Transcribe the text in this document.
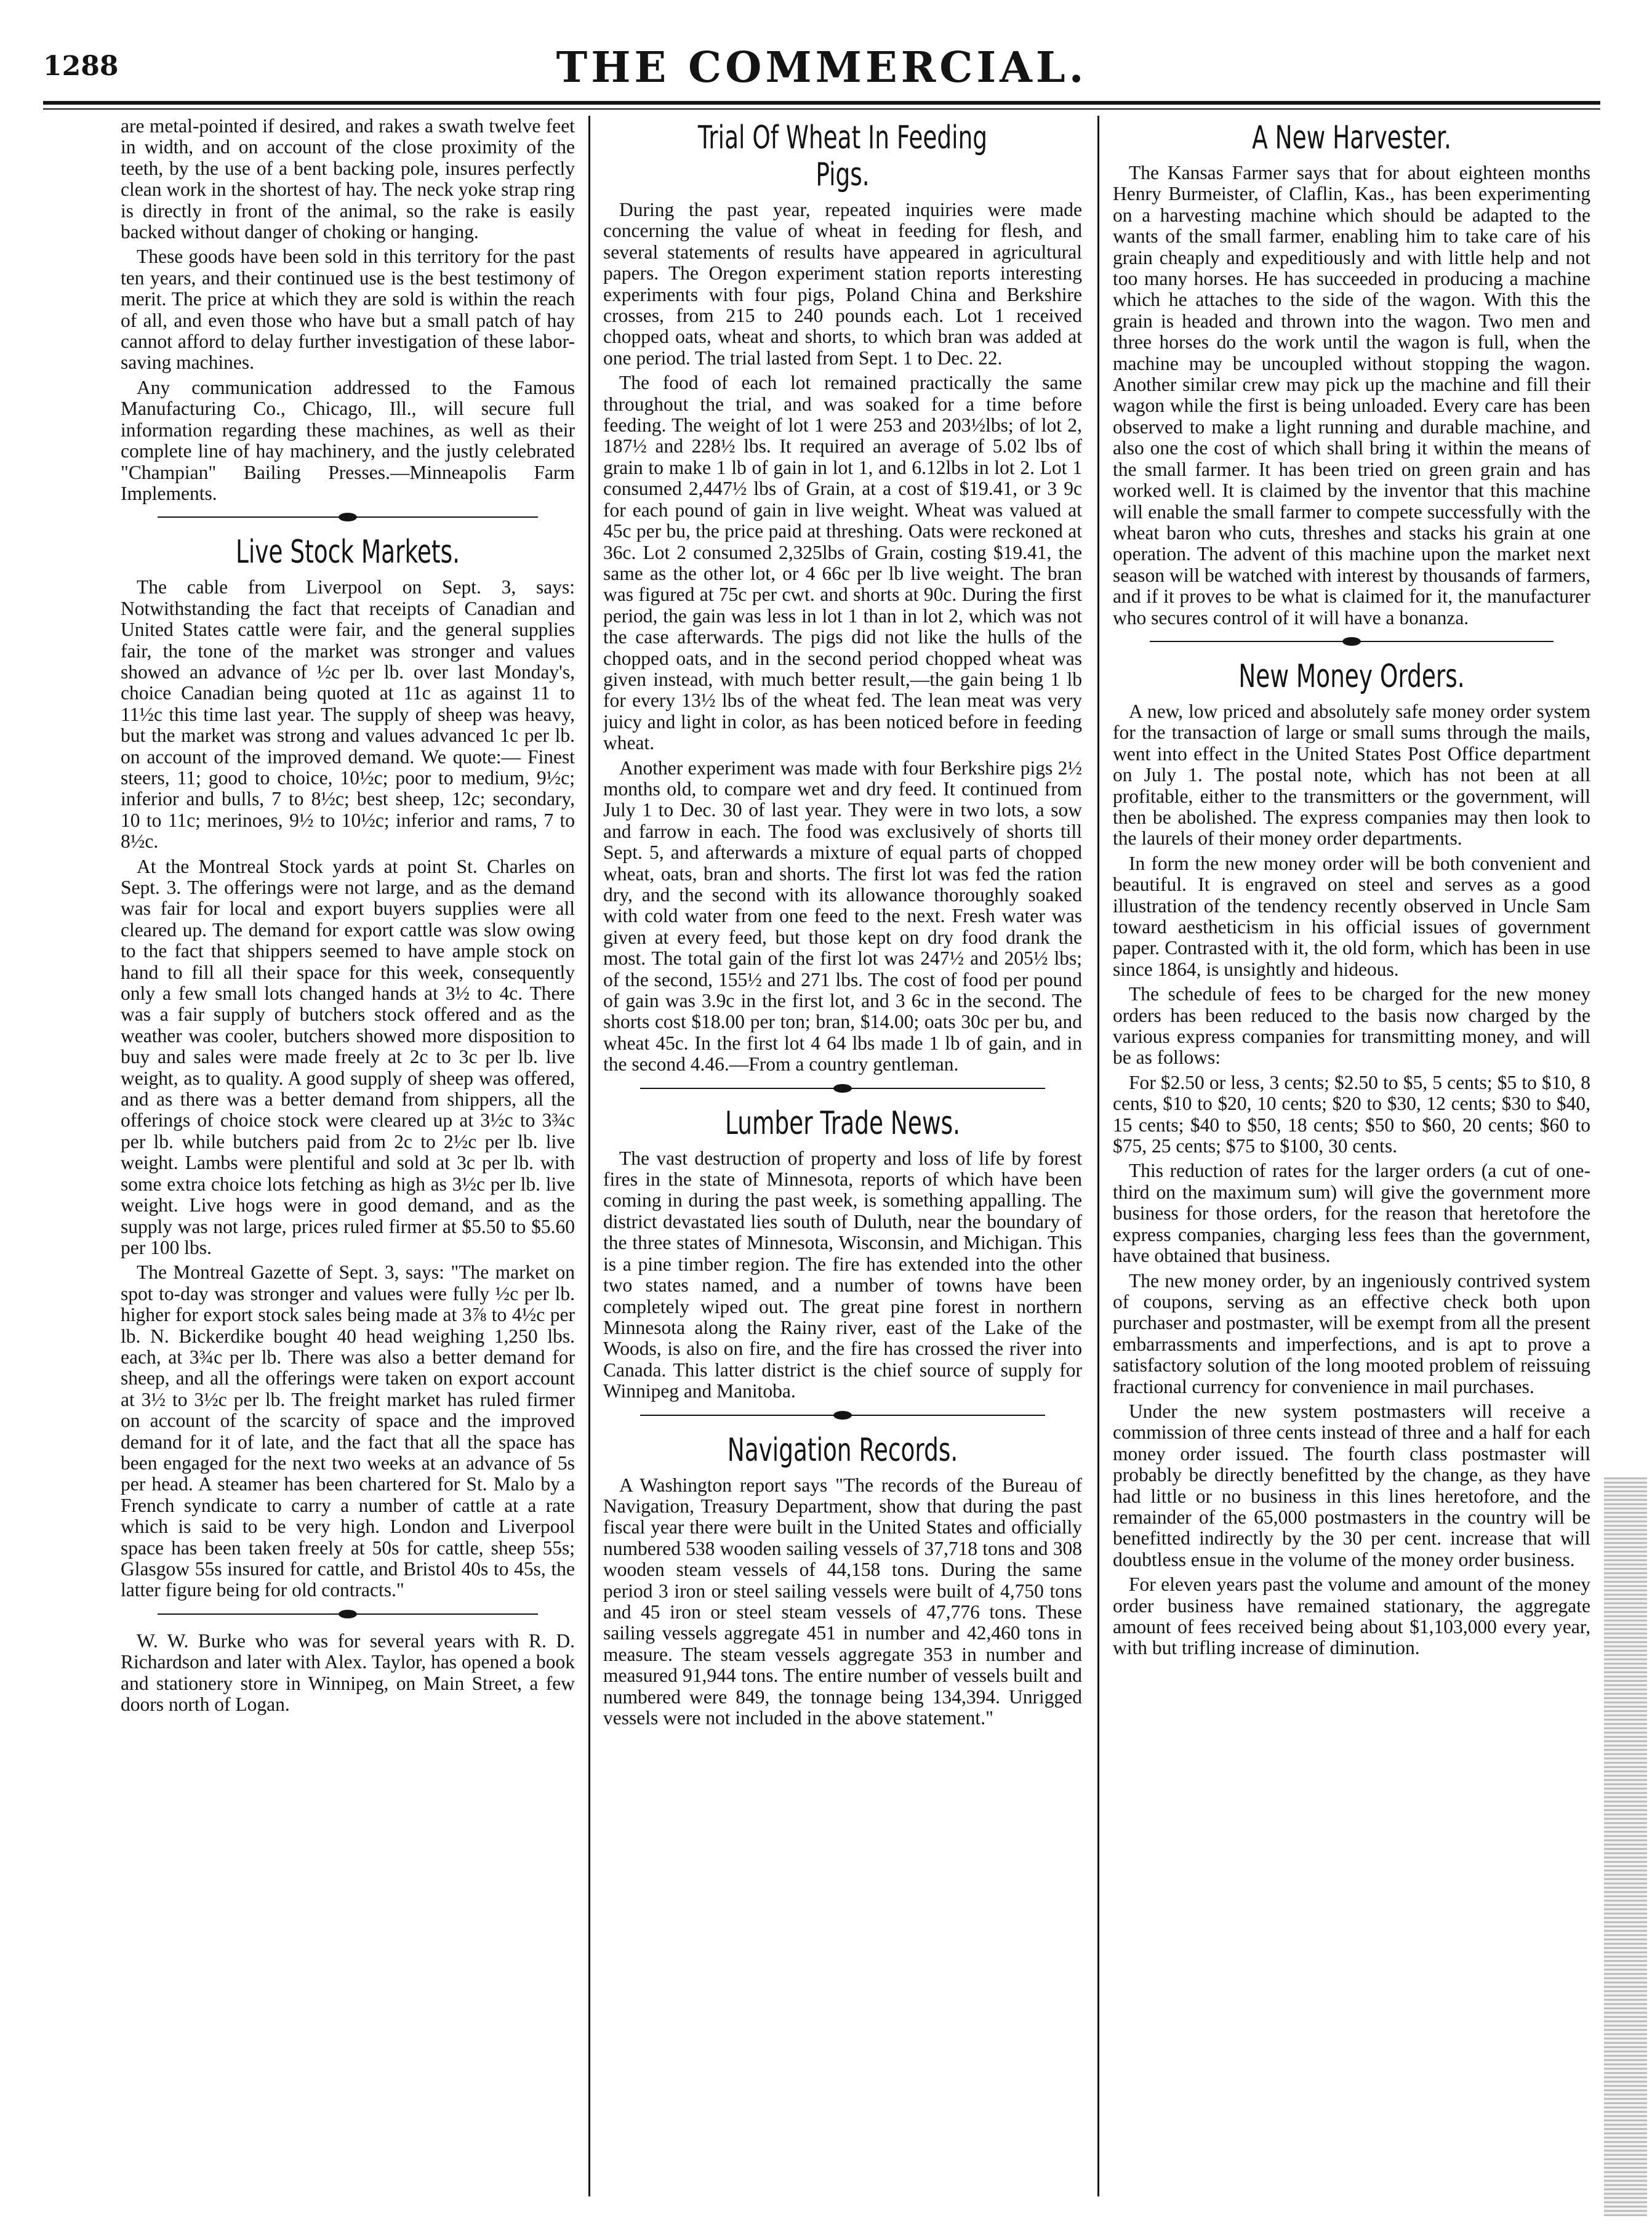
1288	THE COMMERCIAL.

are metal-pointed if desired, and rakes a swath twelve feet in width, and on account of the close proximity of the teeth, by the use of a bent backing pole, insures perfectly clean work in the shortest of hay. The neck yoke strap ring is directly in front of the animal, so the rake is easily backed without danger of choking or hanging.

These goods have been sold in this territory for the past ten years, and their continued use is the best testimony of merit. The price at which they are sold is within the reach of all, and even those who have but a small patch of hay cannot afford to delay further investigation of these labor-saving machines.

Any communication addressed to the Famous Manufacturing Co., Chicago, Ill., will secure full information regarding these machines, as well as their complete line of hay machinery, and the justly celebrated "Champian" Bailing Presses.—Minneapolis Farm Implements.

Live Stock Markets.

The cable from Liverpool on Sept. 3, says: Notwithstanding the fact that receipts of Canadian and United States cattle were fair, and the general supplies fair, the tone of the market was stronger and values showed an advance of ½c per lb. over last Monday's, choice Canadian being quoted at 11c as against 11 to 11½c this time last year. The supply of sheep was heavy, but the market was strong and values advanced 1c per lb. on account of the improved demand. We quote:— Finest steers, 11; good to choice, 10½c; poor to medium, 9½c; inferior and bulls, 7 to 8½c; best sheep, 12c; secondary, 10 to 11c; merinoes, 9½ to 10½c; inferior and rams, 7 to 8½c.

At the Montreal Stock yards at point St. Charles on Sept. 3. The offerings were not large, and as the demand was fair for local and export buyers supplies were all cleared up. The demand for export cattle was slow owing to the fact that shippers seemed to have ample stock on hand to fill all their space for this week, consequently only a few small lots changed hands at 3½ to 4c. There was a fair supply of butchers stock offered and as the weather was cooler, butchers showed more disposition to buy and sales were made freely at 2c to 3c per lb. live weight, as to quality. A good supply of sheep was offered, and as there was a better demand from shippers, all the offerings of choice stock were cleared up at 3½c to 3¾c per lb. while butchers paid from 2c to 2½c per lb. live weight. Lambs were plentiful and sold at 3c per lb. with some extra choice lots fetching as high as 3½c per lb. live weight. Live hogs were in good demand, and as the supply was not large, prices ruled firmer at $5.50 to $5.60 per 100 lbs.

The Montreal Gazette of Sept. 3, says: "The market on spot to-day was stronger and values were fully ½c per lb. higher for export stock sales being made at 3⅞ to 4½c per lb. N. Bickerdike bought 40 head weighing 1,250 lbs. each, at 3¾c per lb. There was also a better demand for sheep, and all the offerings were taken on export account at 3½ to 3½c per lb. The freight market has ruled firmer on account of the scarcity of space and the improved demand for it of late, and the fact that all the space has been engaged for the next two weeks at an advance of 5s per head. A steamer has been chartered for St. Malo by a French syndicate to carry a number of cattle at a rate which is said to be very high. London and Liverpool space has been taken freely at 50s for cattle, sheep 55s; Glasgow 55s insured for cattle, and Bristol 40s to 45s, the latter figure being for old contracts."

W. W. Burke who was for several years with R. D. Richardson and later with Alex. Taylor, has opened a book and stationery store in Winnipeg, on Main Street, a few doors north of Logan.

Trial Of Wheat In Feeding Pigs.

During the past year, repeated inquiries were made concerning the value of wheat in feeding for flesh, and several statements of results have appeared in agricultural papers. The Oregon experiment station reports interesting experiments with four pigs, Poland China and Berkshire crosses, from 215 to 240 pounds each. Lot 1 received chopped oats, wheat and shorts, to which bran was added at one period. The trial lasted from Sept. 1 to Dec. 22.

The food of each lot remained practically the same throughout the trial, and was soaked for a time before feeding. The weight of lot 1 were 253 and 203½lbs; of lot 2, 187½ and 228½ lbs. It required an average of 5.02 lbs of grain to make 1 lb of gain in lot 1, and 6.12lbs in lot 2. Lot 1 consumed 2,447½ lbs of Grain, at a cost of $19.41, or 3 9c for each pound of gain in live weight. Wheat was valued at 45c per bu, the price paid at threshing. Oats were reckoned at 36c. Lot 2 consumed 2,325lbs of Grain, costing $19.41, the same as the other lot, or 4 66c per lb live weight. The bran was figured at 75c per cwt. and shorts at 90c. During the first period, the gain was less in lot 1 than in lot 2, which was not the case afterwards. The pigs did not like the hulls of the chopped oats, and in the second period chopped wheat was given instead, with much better result,—the gain being 1 lb for every 13½ lbs of the wheat fed. The lean meat was very juicy and light in color, as has been noticed before in feeding wheat.

Another experiment was made with four Berkshire pigs 2½ months old, to compare wet and dry feed. It continued from July 1 to Dec. 30 of last year. They were in two lots, a sow and farrow in each. The food was exclusively of shorts till Sept. 5, and afterwards a mixture of equal parts of chopped wheat, oats, bran and shorts. The first lot was fed the ration dry, and the second with its allowance thoroughly soaked with cold water from one feed to the next. Fresh water was given at every feed, but those kept on dry food drank the most. The total gain of the first lot was 247½ and 205½ lbs; of the second, 155½ and 271 lbs. The cost of food per pound of gain was 3.9c in the first lot, and 3 6c in the second. The shorts cost $18.00 per ton; bran, $14.00; oats 30c per bu, and wheat 45c. In the first lot 4 64 lbs made 1 lb of gain, and in the second 4.46.—From a country gentleman.

Lumber Trade News.

The vast destruction of property and loss of life by forest fires in the state of Minnesota, reports of which have been coming in during the past week, is something appalling. The district devastated lies south of Duluth, near the boundary of the three states of Minnesota, Wisconsin, and Michigan. This is a pine timber region. The fire has extended into the other two states named, and a number of towns have been completely wiped out. The great pine forest in northern Minnesota along the Rainy river, east of the Lake of the Woods, is also on fire, and the fire has crossed the river into Canada. This latter district is the chief source of supply for Winnipeg and Manitoba.

Navigation Records.

A Washington report says "The records of the Bureau of Navigation, Treasury Department, show that during the past fiscal year there were built in the United States and officially numbered 538 wooden sailing vessels of 37,718 tons and 308 wooden steam vessels of 44,158 tons. During the same period 3 iron or steel sailing vessels were built of 4,750 tons and 45 iron or steel steam vessels of 47,776 tons. These sailing vessels aggregate 451 in number and 42,460 tons in measure. The steam vessels aggregate 353 in number and measured 91,944 tons. The entire number of vessels built and numbered were 849, the tonnage being 134,394. Unrigged vessels were not included in the above statement."

A New Harvester.

The Kansas Farmer says that for about eighteen months Henry Burmeister, of Claflin, Kas., has been experimenting on a harvesting machine which should be adapted to the wants of the small farmer, enabling him to take care of his grain cheaply and expeditiously and with little help and not too many horses. He has succeeded in producing a machine which he attaches to the side of the wagon. With this the grain is headed and thrown into the wagon. Two men and three horses do the work until the wagon is full, when the machine may be uncoupled without stopping the wagon. Another similar crew may pick up the machine and fill their wagon while the first is being unloaded. Every care has been observed to make a light running and durable machine, and also one the cost of which shall bring it within the means of the small farmer. It has been tried on green grain and has worked well. It is claimed by the inventor that this machine will enable the small farmer to compete successfully with the wheat baron who cuts, threshes and stacks his grain at one operation. The advent of this machine upon the market next season will be watched with interest by thousands of farmers, and if it proves to be what is claimed for it, the manufacturer who secures control of it will have a bonanza.

New Money Orders.

A new, low priced and absolutely safe money order system for the transaction of large or small sums through the mails, went into effect in the United States Post Office department on July 1. The postal note, which has not been at all profitable, either to the transmitters or the government, will then be abolished. The express companies may then look to the laurels of their money order departments.

In form the new money order will be both convenient and beautiful. It is engraved on steel and serves as a good illustration of the tendency recently observed in Uncle Sam toward aestheticism in his official issues of government paper. Contrasted with it, the old form, which has been in use since 1864, is unsightly and hideous.

The schedule of fees to be charged for the new money orders has been reduced to the basis now charged by the various express companies for transmitting money, and will be as follows:

For $2.50 or less, 3 cents; $2.50 to $5, 5 cents; $5 to $10, 8 cents, $10 to $20, 10 cents; $20 to $30, 12 cents; $30 to $40, 15 cents; $40 to $50, 18 cents; $50 to $60, 20 cents; $60 to $75, 25 cents; $75 to $100, 30 cents.

This reduction of rates for the larger orders (a cut of one-third on the maximum sum) will give the government more business for those orders, for the reason that heretofore the express companies, charging less fees than the government, have obtained that business.

The new money order, by an ingeniously contrived system of coupons, serving as an effective check both upon purchaser and postmaster, will be exempt from all the present embarrassments and imperfections, and is apt to prove a satisfactory solution of the long mooted problem of reissuing fractional currency for convenience in mail purchases.

Under the new system postmasters will receive a commission of three cents instead of three and a half for each money order issued. The fourth class postmaster will probably be directly benefitted by the change, as they have had little or no business in this lines heretofore, and the remainder of the 65,000 postmasters in the country will be benefitted indirectly by the 30 per cent. increase that will doubtless ensue in the volume of the money order business.

For eleven years past the volume and amount of the money order business have remained stationary, the aggregate amount of fees received being about $1,103,000 every year, with but trifling increase of diminution.
